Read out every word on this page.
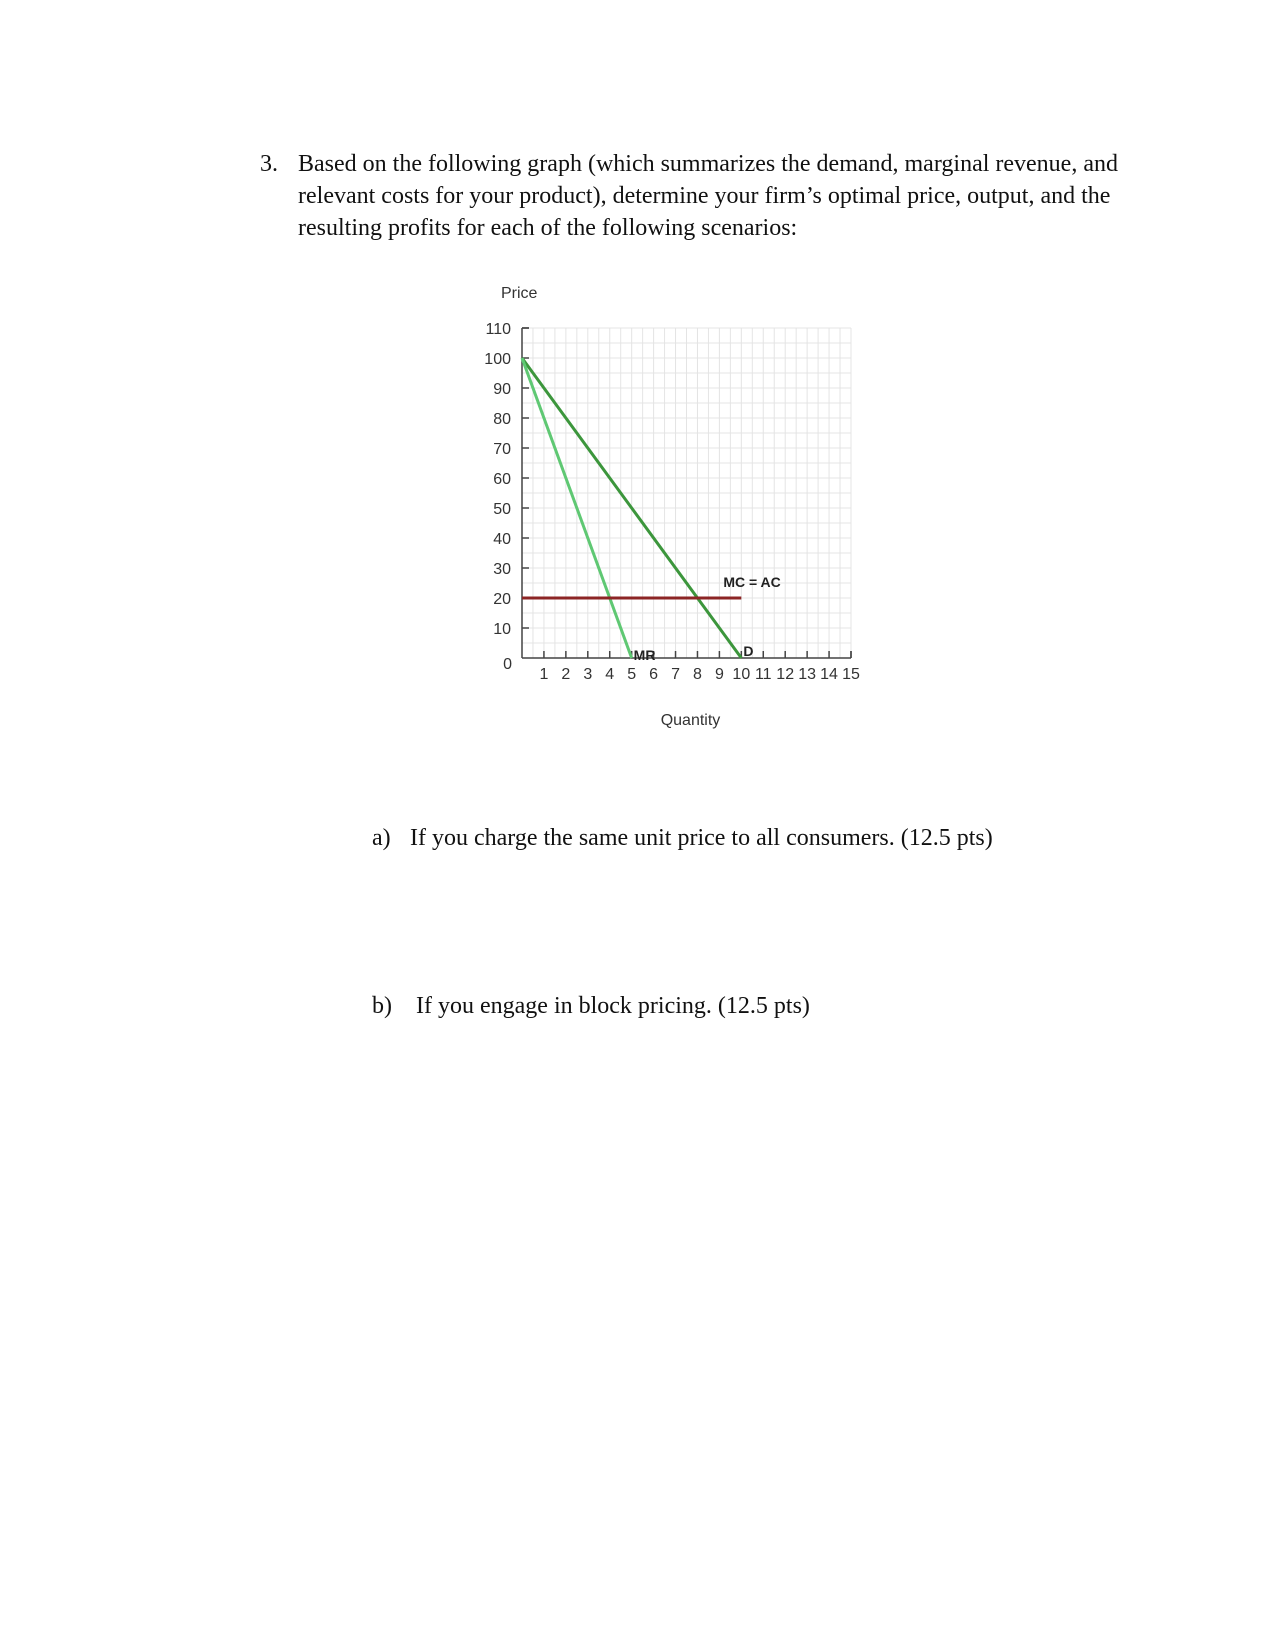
3. Based on the following graph (which summarizes the demand, marginal revenue, and relevant costs for your product), determine your firm’s optimal price, output, and the resulting profits for each of the following scenarios:
110
100
90
80
70
60
50
40
30
20
10
1 2 3 4 5 6 7 8 9 10 11 12 13 14 15
0
Price
Quantity
D
MR
MC = AC
a) If you charge the same unit price to all consumers. (12.5 pts)
b) If you engage in block pricing. (12.5 pts)
